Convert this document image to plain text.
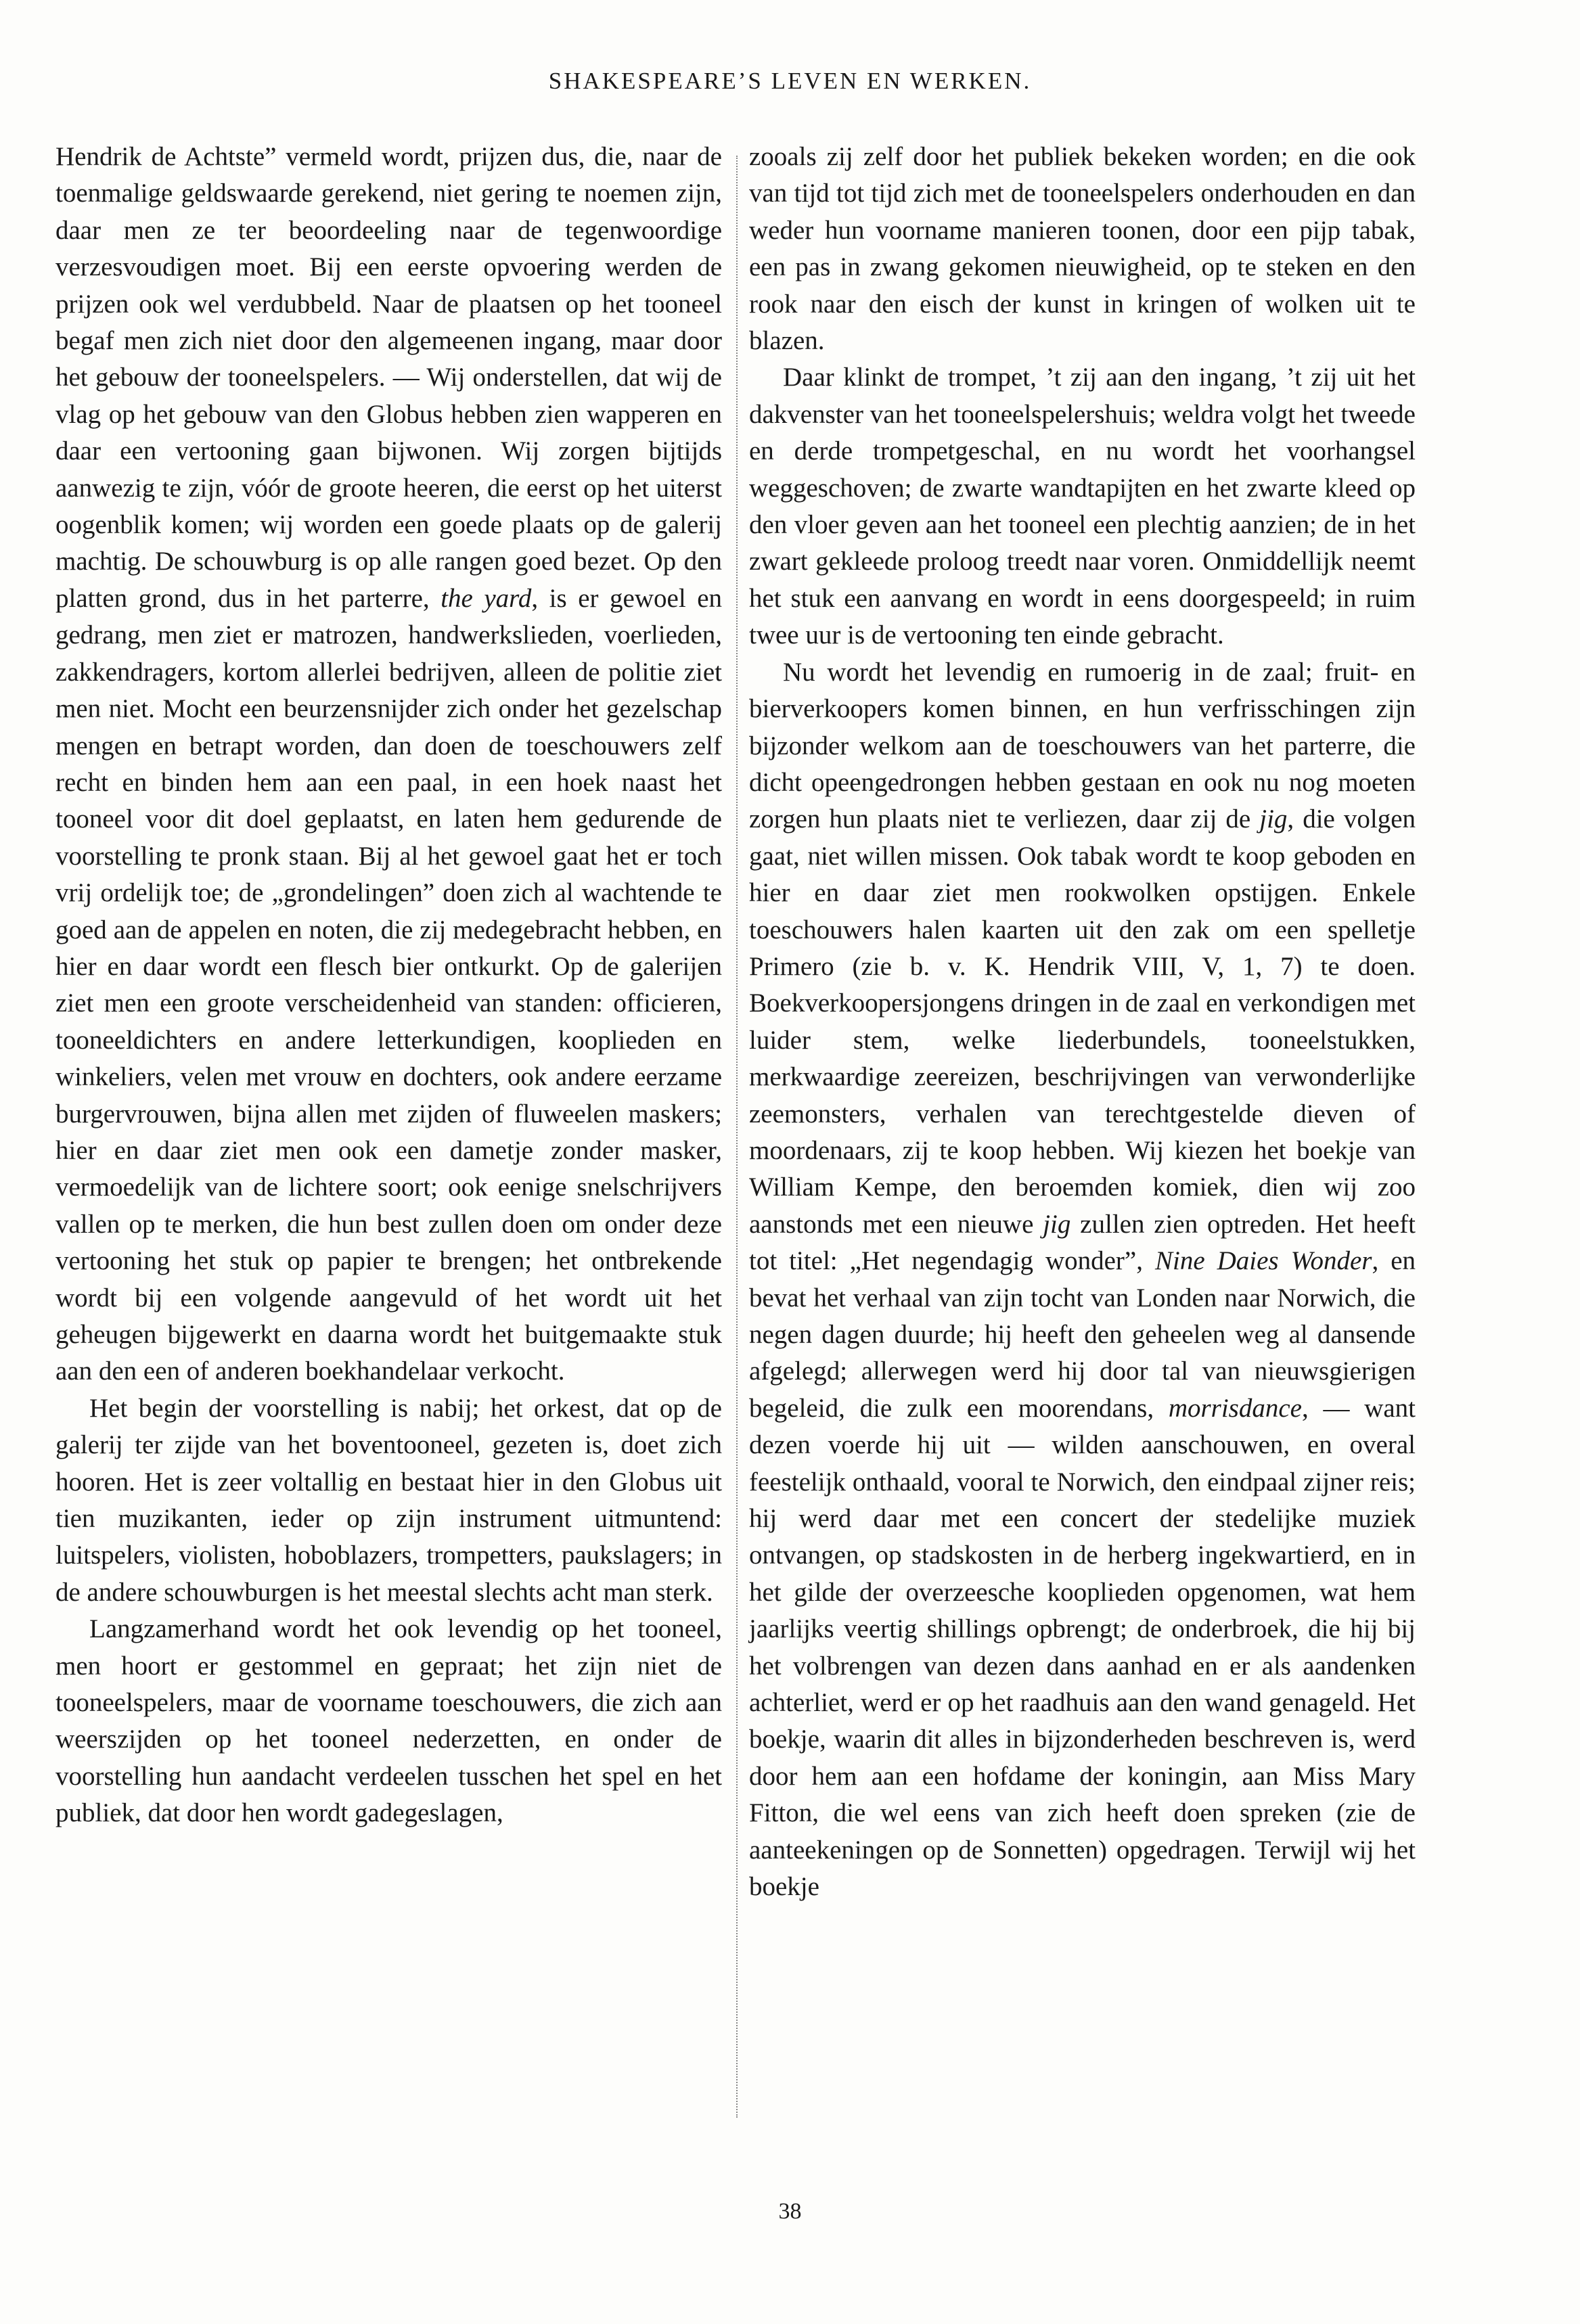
SHAKESPEARE’S LEVEN EN WERKEN.

Hendrik de Achtste” vermeld wordt, prijzen dus, die, naar de toenmalige geldswaarde gerekend, niet gering te noemen zijn, daar men ze ter beoordeeling naar de tegenwoordige verzesvoudigen moet. Bij een eerste opvoering werden de prijzen ook wel verdubbeld. Naar de plaatsen op het tooneel begaf men zich niet door den algemeenen ingang, maar door het gebouw der tooneelspelers. — Wij onderstellen, dat wij de vlag op het gebouw van den Globus hebben zien wapperen en daar een vertooning gaan bijwonen. Wij zorgen bijtijds aanwezig te zijn, vóór de groote heeren, die eerst op het uiterst oogenblik komen; wij worden een goede plaats op de galerij machtig. De schouwburg is op alle rangen goed bezet. Op den platten grond, dus in het parterre, the yard, is er gewoel en gedrang, men ziet er matrozen, handwerkslieden, voerlieden, zakkendragers, kortom allerlei bedrijven, alleen de politie ziet men niet. Mocht een beurzensnijder zich onder het gezelschap mengen en betrapt worden, dan doen de toeschouwers zelf recht en binden hem aan een paal, in een hoek naast het tooneel voor dit doel geplaatst, en laten hem gedurende de voorstelling te pronk staan. Bij al het gewoel gaat het er toch vrij ordelijk toe; de „grondelingen” doen zich al wachtende te goed aan de appelen en noten, die zij medegebracht hebben, en hier en daar wordt een flesch bier ontkurkt. Op de galerijen ziet men een groote verscheidenheid van standen: officieren, tooneeldichters en andere letterkundigen, kooplieden en winkeliers, velen met vrouw en dochters, ook andere eerzame burgervrouwen, bijna allen met zijden of fluweelen maskers; hier en daar ziet men ook een dametje zonder masker, vermoedelijk van de lichtere soort; ook eenige snelschrijvers vallen op te merken, die hun best zullen doen om onder deze vertooning het stuk op papier te brengen; het ontbrekende wordt bij een volgende aangevuld of het wordt uit het geheugen bijgewerkt en daarna wordt het buitgemaakte stuk aan den een of anderen boekhandelaar verkocht.

Het begin der voorstelling is nabij; het orkest, dat op de galerij ter zijde van het boventooneel, gezeten is, doet zich hooren. Het is zeer voltallig en bestaat hier in den Globus uit tien muzikanten, ieder op zijn instrument uitmuntend: luitspelers, violisten, hoboblazers, trompetters, paukslagers; in de andere schouwburgen is het meestal slechts acht man sterk.

Langzamerhand wordt het ook levendig op het tooneel, men hoort er gestommel en gepraat; het zijn niet de tooneelspelers, maar de voorname toeschouwers, die zich aan weerszijden op het tooneel nederzetten, en onder de voorstelling hun aandacht verdeelen tusschen het spel en het publiek, dat door hen wordt gadegeslagen,

zooals zij zelf door het publiek bekeken worden; en die ook van tijd tot tijd zich met de tooneelspelers onderhouden en dan weder hun voorname manieren toonen, door een pijp tabak, een pas in zwang gekomen nieuwigheid, op te steken en den rook naar den eisch der kunst in kringen of wolken uit te blazen.

Daar klinkt de trompet, ’t zij aan den ingang, ’t zij uit het dakvenster van het tooneelspelershuis; weldra volgt het tweede en derde trompetgeschal, en nu wordt het voorhangsel weggeschoven; de zwarte wandtapijten en het zwarte kleed op den vloer geven aan het tooneel een plechtig aanzien; de in het zwart gekleede proloog treedt naar voren. Onmiddellijk neemt het stuk een aanvang en wordt in eens doorgespeeld; in ruim twee uur is de vertooning ten einde gebracht.

Nu wordt het levendig en rumoerig in de zaal; fruit- en bierverkoopers komen binnen, en hun verfrisschingen zijn bijzonder welkom aan de toeschouwers van het parterre, die dicht opeengedrongen hebben gestaan en ook nu nog moeten zorgen hun plaats niet te verliezen, daar zij de jig, die volgen gaat, niet willen missen. Ook tabak wordt te koop geboden en hier en daar ziet men rookwolken opstijgen. Enkele toeschouwers halen kaarten uit den zak om een spelletje Primero (zie b. v. K. Hendrik VIII, V, 1, 7) te doen. Boekverkoopersjongens dringen in de zaal en verkondigen met luider stem, welke liederbundels, tooneelstukken, merkwaardige zeereizen, beschrijvingen van verwonderlijke zeemonsters, verhalen van terechtgestelde dieven of moordenaars, zij te koop hebben. Wij kiezen het boekje van William Kempe, den beroemden komiek, dien wij zoo aanstonds met een nieuwe jig zullen zien optreden. Het heeft tot titel: „Het negendagig wonder”, Nine Daies Wonder, en bevat het verhaal van zijn tocht van Londen naar Norwich, die negen dagen duurde; hij heeft den geheelen weg al dansende afgelegd; allerwegen werd hij door tal van nieuwsgierigen begeleid, die zulk een moorendans, morrisdance, — want dezen voerde hij uit — wilden aanschouwen, en overal feestelijk onthaald, vooral te Norwich, den eindpaal zijner reis; hij werd daar met een concert der stedelijke muziek ontvangen, op stadskosten in de herberg ingekwartierd, en in het gilde der overzeesche kooplieden opgenomen, wat hem jaarlijks veertig shillings opbrengt; de onderbroek, die hij bij het volbrengen van dezen dans aanhad en er als aandenken achterliet, werd er op het raadhuis aan den wand genageld. Het boekje, waarin dit alles in bijzonderheden beschreven is, werd door hem aan een hofdame der koningin, aan Miss Mary Fitton, die wel eens van zich heeft doen spreken (zie de aanteekeningen op de Sonnetten) opgedragen. Terwijl wij het boekje

38
